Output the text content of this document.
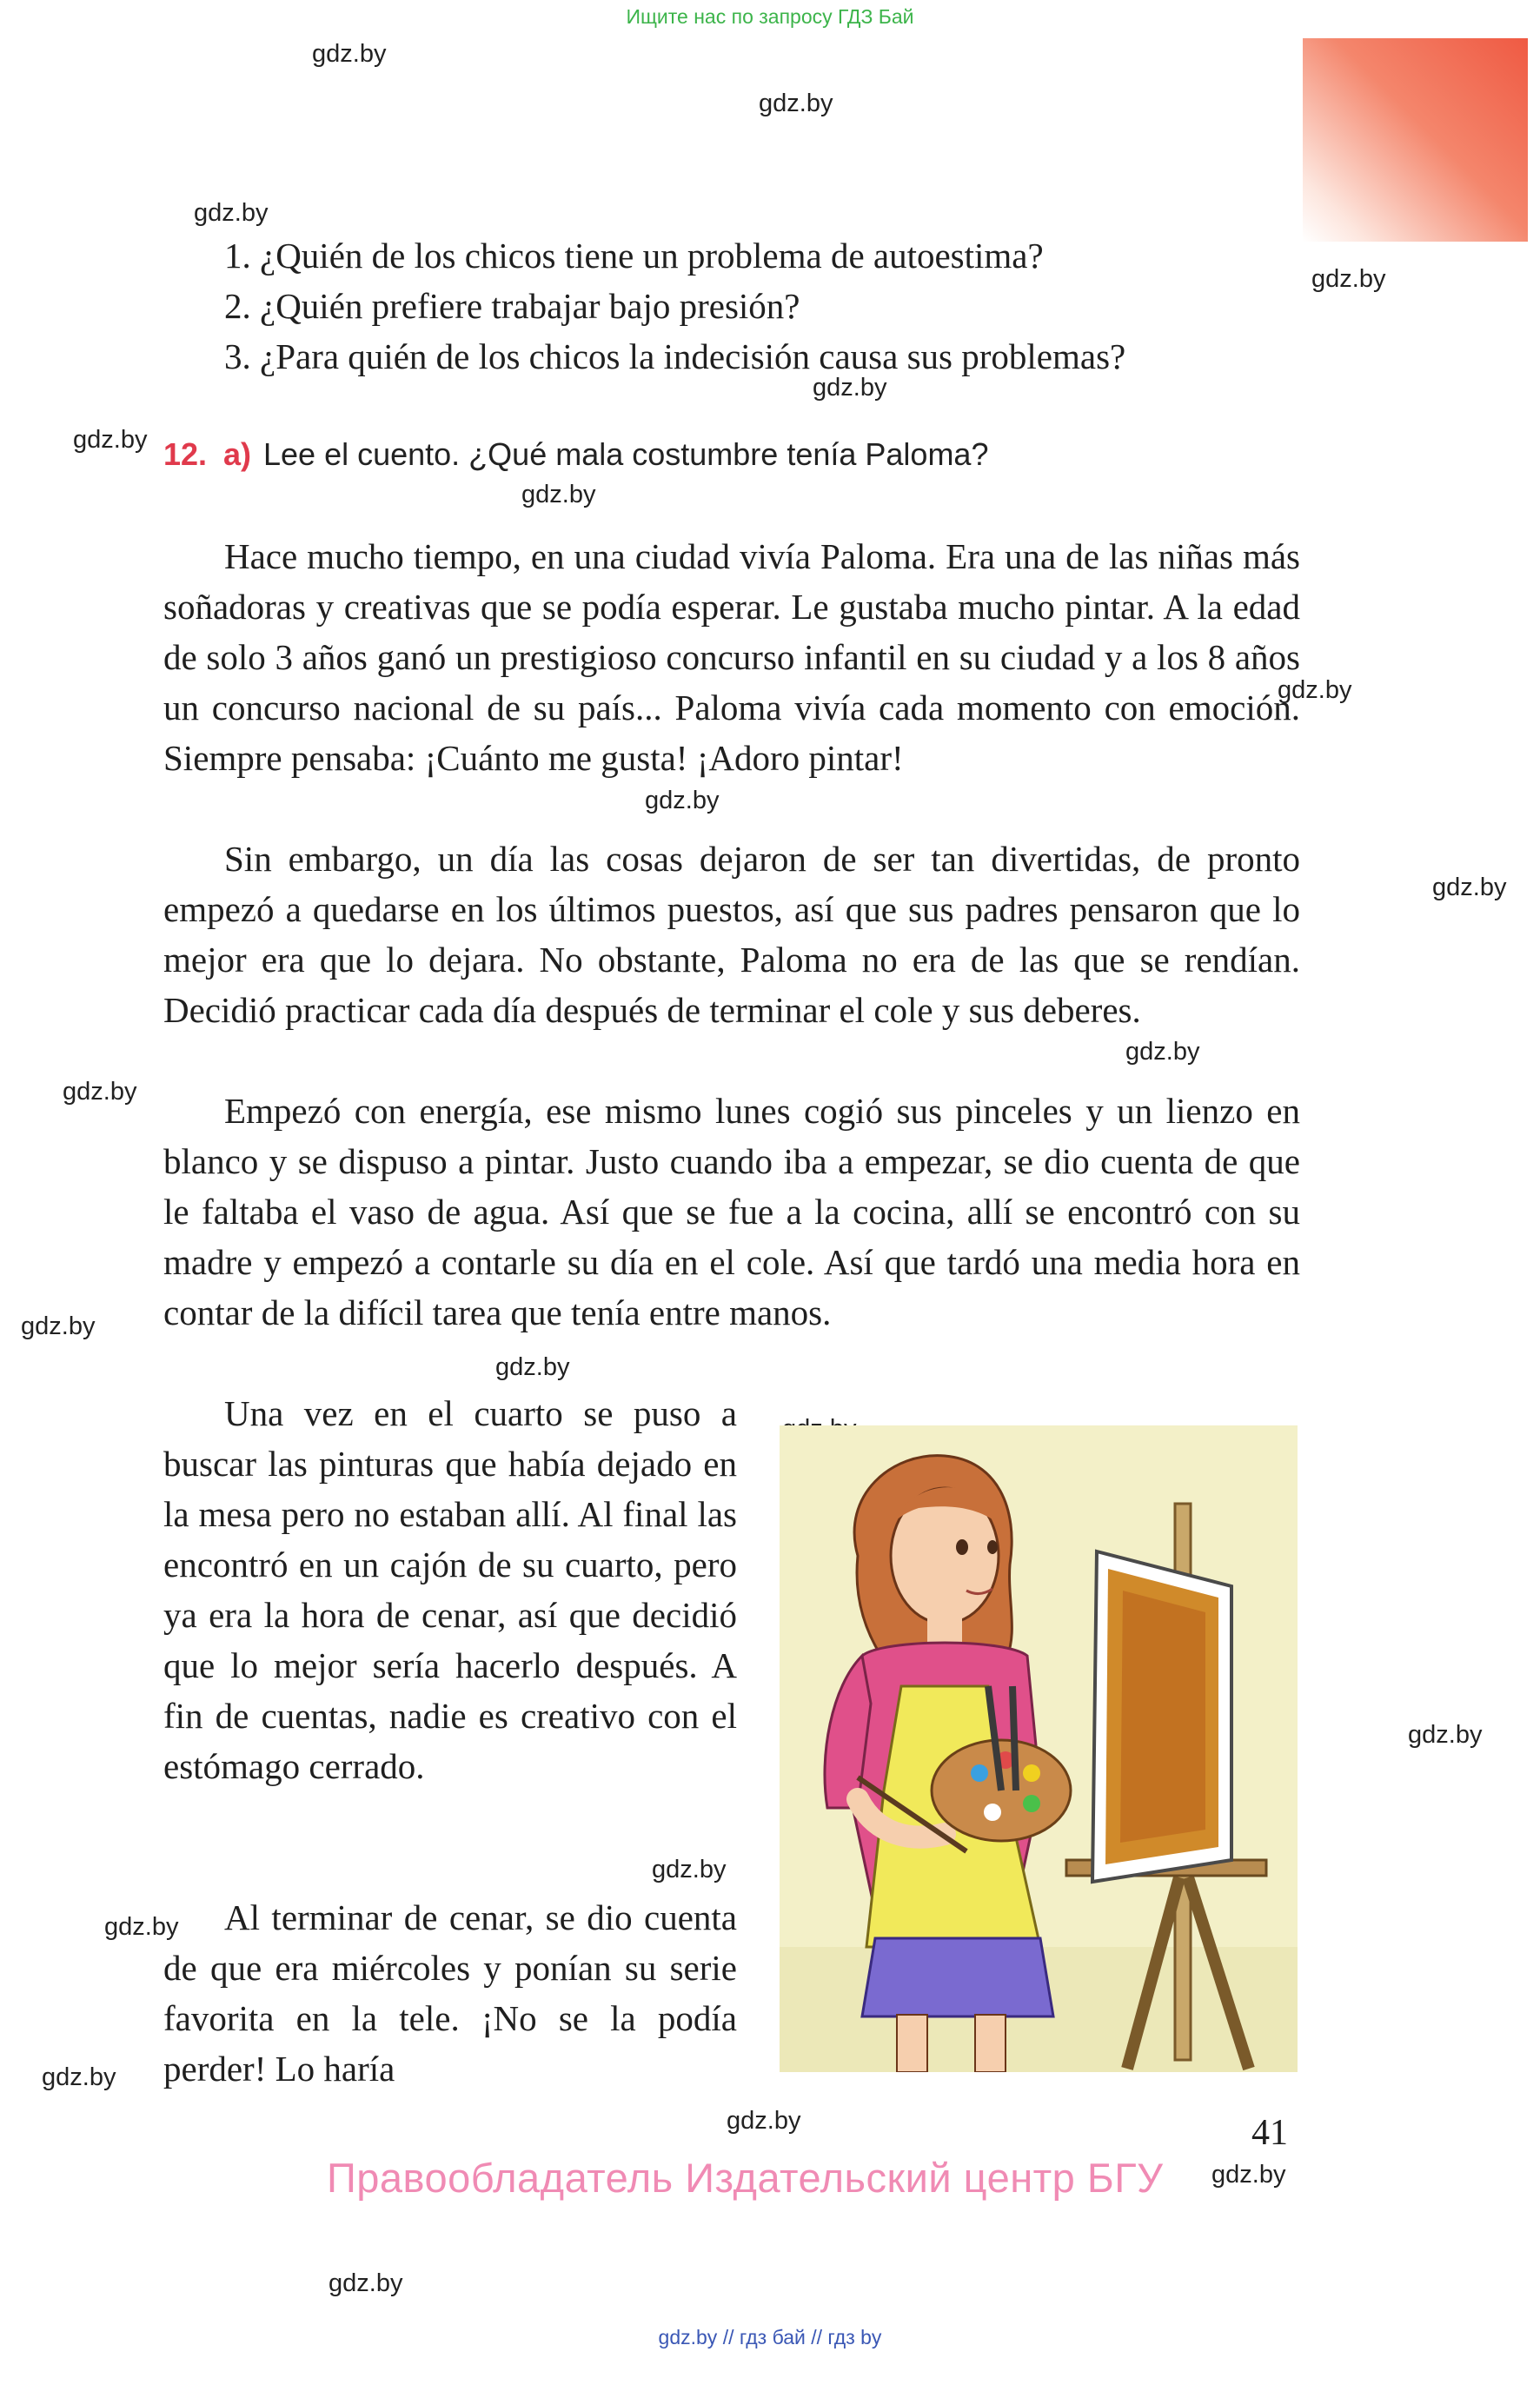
Ищите нас по запросу ГДЗ Бай
gdz.by
gdz.by
gdz.by
gdz.by
gdz.by
gdz.by
gdz.by
gdz.by
gdz.by
gdz.by
gdz.by
gdz.by
gdz.by
gdz.by
gdz.by
gdz.by
gdz.by
gdz.by
gdz.by
gdz.by
gdz.by
1. ¿Quién de los chicos tiene un problema de autoestima?
2. ¿Quién prefiere trabajar bajo presión?
3. ¿Para quién de los chicos la indecisión causa sus problemas?
12. a) Lee el cuento. ¿Qué mala costumbre tenía Paloma?

Hace mucho tiempo, en una ciudad vivía Paloma. Era una de las niñas más soñadoras y creativas que se podía esperar. Le gustaba mucho pintar. A la edad de solo 3 años ganó un prestigioso concurso infantil en su ciudad y a los 8 años un concurso nacional de su país... Paloma vivía cada momento con emoción. Siempre pensaba: ¡Cuánto me gusta! ¡Adoro pintar!

Sin embargo, un día las cosas dejaron de ser tan divertidas, de pronto empezó a quedarse en los últimos puestos, así que sus padres pensaron que lo mejor era que lo dejara. No obstante, Paloma no era de las que se rendían. Decidió practicar cada día después de terminar el cole y sus deberes.

Empezó con energía, ese mismo lunes cogió sus pinceles y un lienzo en blanco y se dispuso a pintar. Justo cuando iba a empezar, se dio cuenta de que le faltaba el vaso de agua. Así que se fue a la cocina, allí se encontró con su madre y empezó a contarle su día en el cole. Así que tardó una media hora en contar de la difícil tarea que tenía entre manos.

Una vez en el cuarto se puso a buscar las pinturas que había dejado en la mesa pero no estaban allí. Al final las encontró en un cajón de su cuarto, pero ya era la hora de cenar, así que decidió que lo mejor sería hacerlo después. A fin de cuentas, nadie es creativo con el estómago cerrado.

Al terminar de cenar, se dio cuenta de que era miércoles y ponían su serie favorita en la tele. ¡No se la podía perder! Lo haría

41
Правообладатель Издательский центр БГУ
gdz.by // гдз бай // гдз by
